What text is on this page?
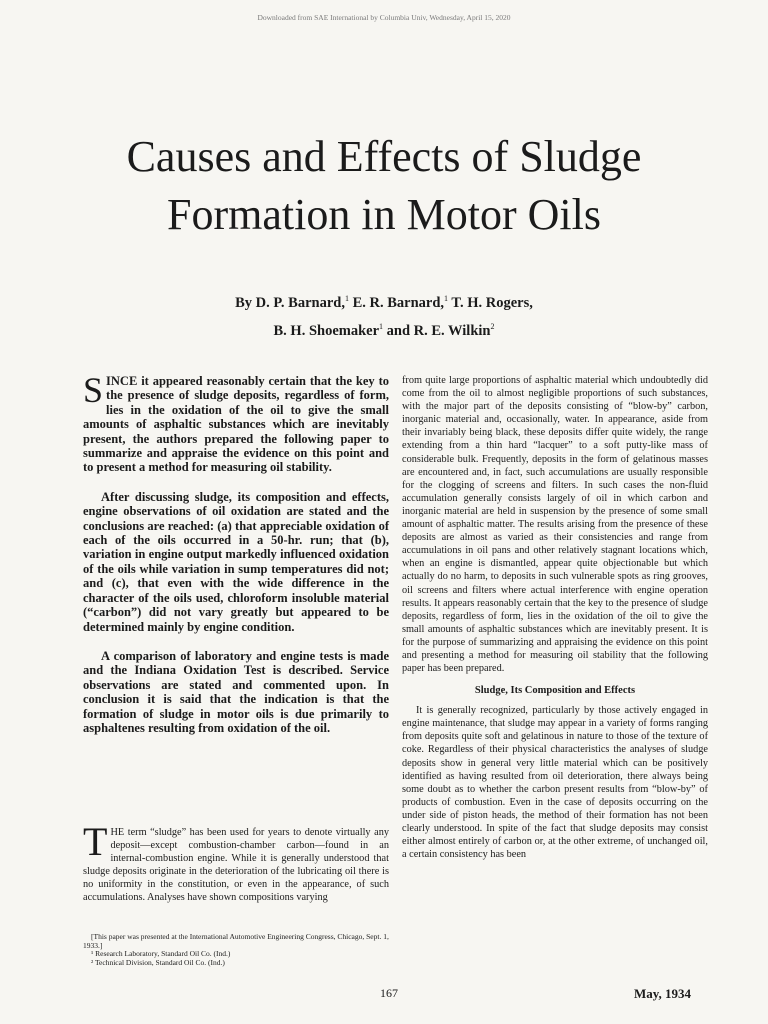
Downloaded from SAE International by Columbia Univ, Wednesday, April 15, 2020
Causes and Effects of Sludge
Formation in Motor Oils
By D. P. Barnard,$^1$ E. R. Barnard,$^1$ T. H. Rogers,
B. H. Shoemaker$^1$ and R. E. Wilkin$^2$

SINCE it appeared reasonably certain that the key to the presence of sludge deposits, regardless of form, lies in the oxidation of the oil to give the small amounts of asphaltic substances which are inevitably present, the authors prepared the following paper to summarize and appraise the evidence on this point and to present a method for measuring oil stability.

After discussing sludge, its composition and effects, engine observations of oil oxidation are stated and the conclusions are reached: (a) that appreciable oxidation of each of the oils occurred in a 50-hr. run; that (b), variation in engine output markedly influenced oxidation of the oils while variation in sump temperatures did not; and (c), that even with the wide difference in the character of the oils used, chloroform insoluble material (“carbon”) did not vary greatly but appeared to be determined mainly by engine condition.

A comparison of laboratory and engine tests is made and the Indiana Oxidation Test is described. Service observations are stated and commented upon. In conclusion it is said that the indication is that the formation of sludge in motor oils is due primarily to asphaltenes resulting from oxidation of the oil.

THE term “sludge” has been used for years to denote virtually any deposit—except combustion-chamber carbon—found in an internal-combustion engine. While it is generally understood that sludge deposits originate in the deterioration of the lubricating oil there is no uniformity in the constitution, or even in the appearance, of such accumulations. Analyses have shown compositions varying

[This paper was presented at the International Automotive Engineering Congress, Chicago, Sept. 1, 1933.]
¹ Research Laboratory, Standard Oil Co. (Ind.)
² Technical Division, Standard Oil Co. (Ind.)

from quite large proportions of asphaltic material which undoubtedly did come from the oil to almost negligible proportions of such substances, with the major part of the deposits consisting of “blow-by” carbon, inorganic material and, occasionally, water. In appearance, aside from their invariably being black, these deposits differ quite widely, the range extending from a thin hard “lacquer” to a soft putty-like mass of considerable bulk. Frequently, deposits in the form of gelatinous masses are encountered and, in fact, such accumulations are usually responsible for the clogging of screens and filters. In such cases the non-fluid accumulation generally consists largely of oil in which carbon and inorganic material are held in suspension by the presence of some small amount of asphaltic matter. The results arising from the presence of these deposits are almost as varied as their consistencies and range from accumulations in oil pans and other relatively stagnant locations which, when an engine is dismantled, appear quite objectionable but which actually do no harm, to deposits in such vulnerable spots as ring grooves, oil screens and filters where actual interference with engine operation results. It appears reasonably certain that the key to the presence of sludge deposits, regardless of form, lies in the oxidation of the oil to give the small amounts of asphaltic substances which are inevitably present. It is for the purpose of summarizing and appraising the evidence on this point and presenting a method for measuring oil stability that the following paper has been prepared.

Sludge, Its Composition and Effects

It is generally recognized, particularly by those actively engaged in engine maintenance, that sludge may appear in a variety of forms ranging from deposits quite soft and gelatinous in nature to those of the texture of coke. Regardless of their physical characteristics the analyses of sludge deposits show in general very little material which can be positively identified as having resulted from oil deterioration, there always being some doubt as to whether the carbon present results from “blow-by” of products of combustion. Even in the case of deposits occurring on the under side of piston heads, the method of their formation has not been clearly understood. In spite of the fact that sludge deposits may consist either almost entirely of carbon or, at the other extreme, of unchanged oil, a certain consistency has been

167	May, 1934
